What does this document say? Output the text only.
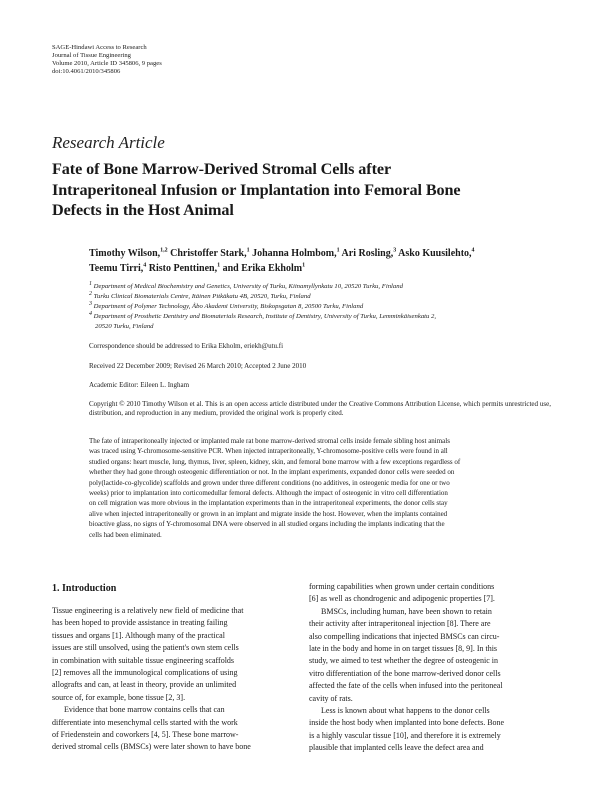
SAGE-Hindawi Access to Research
Journal of Tissue Engineering
Volume 2010, Article ID 345806, 9 pages
doi:10.4061/2010/345806
Research Article
Fate of Bone Marrow-Derived Stromal Cells after
Intraperitoneal Infusion or Implantation into Femoral Bone
Defects in the Host Animal
Timothy Wilson,$^{1,2}$ Christoffer Stark,$^1$ Johanna Holmbom,$^1$ Ari Rosling,$^3$ Asko Kuusilehto,$^4$
Teemu Tirri,$^4$ Risto Penttinen,$^1$ and Erika Ekholm$^1$
$^1$ Department of Medical Biochemistry and Genetics, University of Turku, Kiinamyllynkatu 10, 20520 Turku, Finland
$^2$ Turku Clinical Biomaterials Centre, Itäinen Pitkäkatu 4B, 20520, Turku, Finland
$^3$ Department of Polymer Technology, Åbo Akademi University, Biskopsgatan 8, 20500 Turku, Finland
$^4$ Department of Prosthetic Dentistry and Biomaterials Research, Institute of Dentistry, University of Turku, Lemminkäisenkatu 2,
20520 Turku, Finland
Correspondence should be addressed to Erika Ekholm, eriekh@utu.fi
Received 22 December 2009; Revised 26 March 2010; Accepted 2 June 2010
Academic Editor: Eileen L. Ingham
Copyright © 2010 Timothy Wilson et al. This is an open access article distributed under the Creative Commons Attribution License, which permits unrestricted use, distribution, and reproduction in any medium, provided the original work is properly cited.
The fate of intraperitoneally injected or implanted male rat bone marrow-derived stromal cells inside female sibling host animals
was traced using Y-chromosome-sensitive PCR. When injected intraperitoneally, Y-chromosome-positive cells were found in all
studied organs: heart muscle, lung, thymus, liver, spleen, kidney, skin, and femoral bone marrow with a few exceptions regardless of
whether they had gone through osteogenic differentiation or not. In the implant experiments, expanded donor cells were seeded on
poly(lactide-co-glycolide) scaffolds and grown under three different conditions (no additives, in osteogenic media for one or two
weeks) prior to implantation into corticomedullar femoral defects. Although the impact of osteogenic in vitro cell differentiation
on cell migration was more obvious in the implantation experiments than in the intraperitoneal experiments, the donor cells stay
alive when injected intraperitoneally or grown in an implant and migrate inside the host. However, when the implants contained
bioactive glass, no signs of Y-chromosomal DNA were observed in all studied organs including the implants indicating that the
cells had been eliminated.
1. Introduction
Tissue engineering is a relatively new field of medicine that
has been hoped to provide assistance in treating failing
tissues and organs [1]. Although many of the practical
issues are still unsolved, using the patient's own stem cells
in combination with suitable tissue engineering scaffolds
[2] removes all the immunological complications of using
allografts and can, at least in theory, provide an unlimited
source of, for example, bone tissue [2, 3].
Evidence that bone marrow contains cells that can
differentiate into mesenchymal cells started with the work
of Friedenstein and coworkers [4, 5]. These bone marrow-
derived stromal cells (BMSCs) were later shown to have bone
forming capabilities when grown under certain conditions
[6] as well as chondrogenic and adipogenic properties [7].
BMSCs, including human, have been shown to retain
their activity after intraperitoneal injection [8]. There are
also compelling indications that injected BMSCs can circu-
late in the body and home in on target tissues [8, 9]. In this
study, we aimed to test whether the degree of osteogenic in
vitro differentiation of the bone marrow-derived donor cells
affected the fate of the cells when infused into the peritoneal
cavity of rats.
Less is known about what happens to the donor cells
inside the host body when implanted into bone defects. Bone
is a highly vascular tissue [10], and therefore it is extremely
plausible that implanted cells leave the defect area and
